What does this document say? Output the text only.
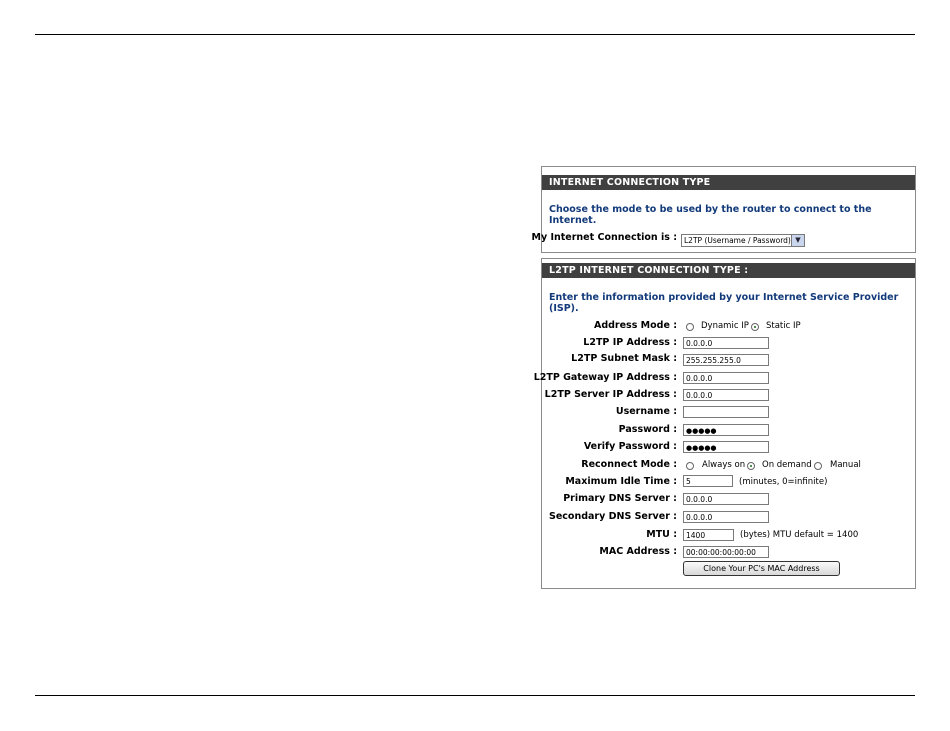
INTERNET CONNECTION TYPE
Choose the mode to be used by the router to connect to the Internet.
My Internet Connection is : L2TP (Username / Password) ▼
L2TP INTERNET CONNECTION TYPE :
Enter the information provided by your Internet Service Provider (ISP).
Address Mode :	Dynamic IP Static IP
L2TP IP Address :	0.0.0.0
L2TP Subnet Mask :	255.255.255.0
L2TP Gateway IP Address :	0.0.0.0
L2TP Server IP Address :	0.0.0.0
Username :
Password :	●●●●●
Verify Password :	●●●●●
Reconnect Mode :	Always on On demand Manual
Maximum Idle Time :	5	(minutes, 0=infinite)
Primary DNS Server :	0.0.0.0
Secondary DNS Server :	0.0.0.0
MTU :	1400	(bytes) MTU default = 1400
MAC Address :	00:00:00:00:00:00
Clone Your PC's MAC Address
